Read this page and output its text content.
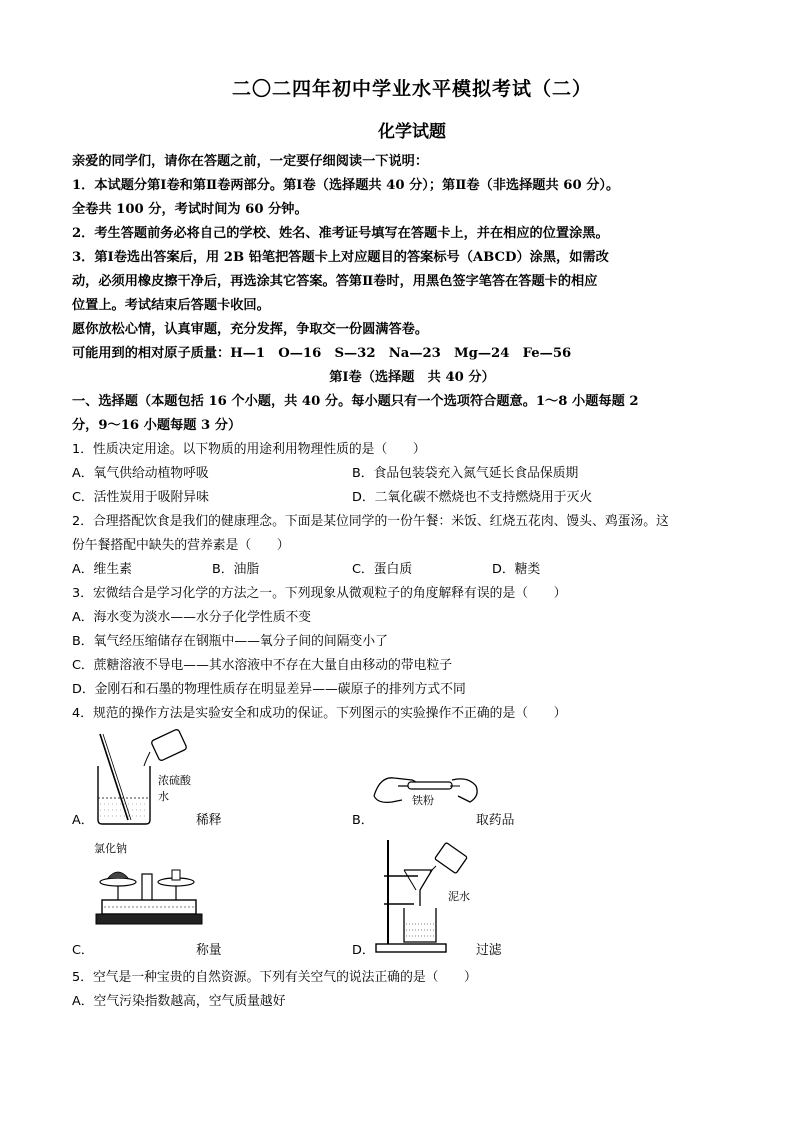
二〇二四年初中学业水平模拟考试（二）
化学试题
亲爱的同学们，请你在答题之前，一定要仔细阅读一下说明：
1．本试题分第Ⅰ卷和第Ⅱ卷两部分。第Ⅰ卷（选择题共 40 分）；第Ⅱ卷（非选择题共 60 分）。
全卷共 100 分，考试时间为 60 分钟。
2．考生答题前务必将自己的学校、姓名、准考证号填写在答题卡上，并在相应的位置涂黑。
3．第Ⅰ卷选出答案后，用 2B 铅笔把答题卡上对应题目的答案标号（ABCD）涂黑，如需改
动，必须用橡皮擦干净后，再选涂其它答案。答第Ⅱ卷时，用黑色签字笔答在答题卡的相应
位置上。考试结束后答题卡收回。
愿你放松心情，认真审题，充分发挥，争取交一份圆满答卷。
可能用到的相对原子质量：H—1　O—16　S—32　Na—23　Mg—24　Fe—56
第Ⅰ卷（选择题　共 40 分）
一、选择题（本题包括 16 个小题，共 40 分。每小题只有一个选项符合题意。1～8 小题每题 2
分，9～16 小题每题 3 分）
1．性质决定用途。以下物质的用途利用物理性质的是（　　）
A．氧气供给动植物呼吸	B．食品包装袋充入氮气延长食品保质期
C．活性炭用于吸附异味	D．二氧化碳不燃烧也不支持燃烧用于灭火
2．合理搭配饮食是我们的健康理念。下面是某位同学的一份午餐：米饭、红烧五花肉、馒头、鸡蛋汤。这
份午餐搭配中缺失的营养素是（　　）
A．维生素	B．油脂	C．蛋白质	D．糖类
3．宏微结合是学习化学的方法之一。下列现象从微观粒子的角度解释有误的是（　　）
A．海水变为淡水——水分子化学性质不变
B．氧气经压缩储存在钢瓶中——氧分子间的间隔变小了
C．蔗糖溶液不导电——其水溶液中不存在大量自由移动的带电粒子
D．金刚石和石墨的物理性质存在明显差异——碳原子的排列方式不同
4．规范的操作方法是实验安全和成功的保证。下列图示的实验操作不正确的是（　　）
A．
浓硫酸
水
稀释	B．
铁粉
取药品
C．
氯化钠
称量	D．
泥水
过滤
5．空气是一种宝贵的自然资源。下列有关空气的说法正确的是（　　）
A．空气污染指数越高，空气质量越好
